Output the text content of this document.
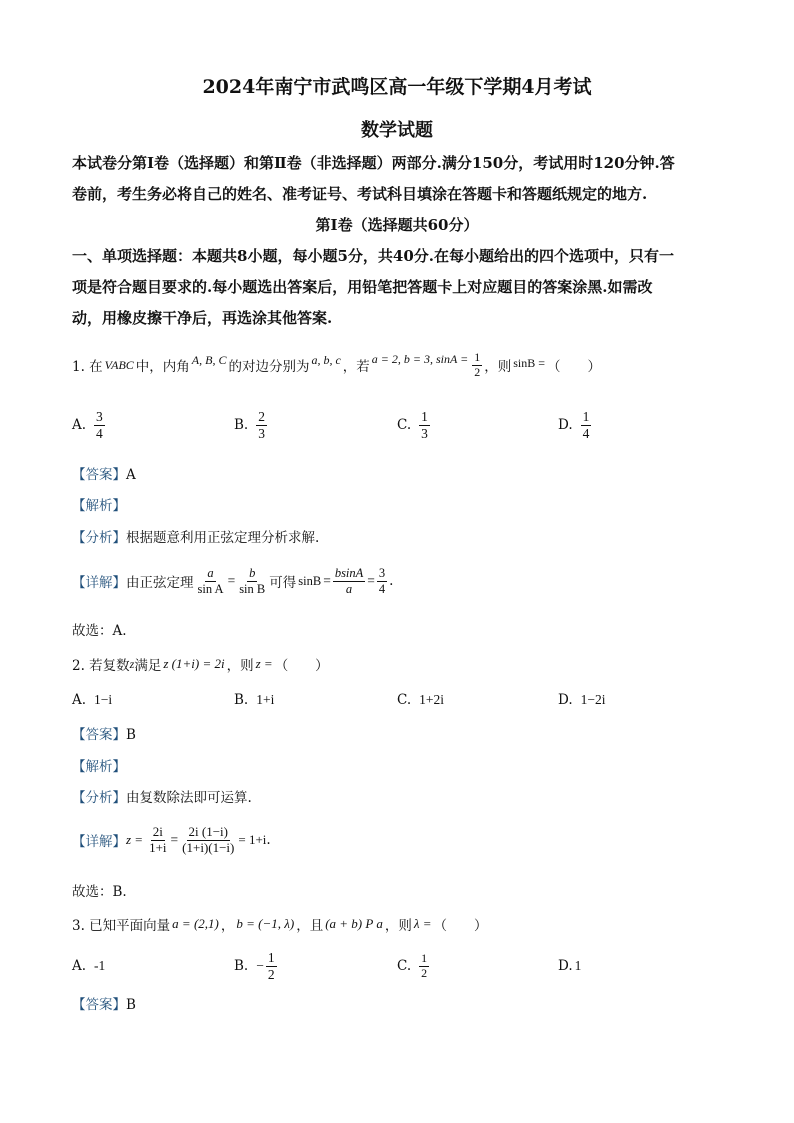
2024年南宁市武鸣区高一年级下学期4月考试
数学试题
本试卷分第Ⅰ卷（选择题）和第Ⅱ卷（非选择题）两部分.满分150分，考试用时120分钟.答
卷前，考生务必将自己的姓名、准考证号、考试科目填涂在答题卡和答题纸规定的地方.
第Ⅰ卷（选择题共60分）
一、单项选择题：本题共8小题，每小题5分，共40分.在每小题给出的四个选项中，只有一
项是符合题目要求的.每小题选出答案后，用铅笔把答题卡上对应题目的答案涂黑.如需改
动，用橡皮擦干净后，再选涂其他答案.
1. 在 VABC 中，内角 A, B, C 的对边分别为 a, b, c ，若
a = 2, b = 3, $\sin A = \frac{1}{2}$ ，则 sinB = （　　）
A. $\frac{3}{4}$	B. $\frac{2}{3}$	C. $\frac{1}{3}$	D. $\frac{1}{4}$
【答案】A
【解析】
【分析】根据题意利用正弦定理分析求解.
【详解】 由正弦定理 $\frac{a}{\text{sin A}} = \frac{b}{\text{sin B}}$ 可得 $\sin B = \frac{bsinA}{a} = \frac{3}{4}$ .
故选：A.
2. 若复数 z 满足 z (1+i) = 2i ，则 z = （　　）
A. 1−i	B. 1+i	C. 1+2i	D. 1−2i
【答案】B
【解析】
【分析】由复数除法即可运算.
【详解】 $z = \frac{2i}{1+i} = \frac{2i (1-i)}{(1+i)(1-i)} = 1+i$ .
故选：B.
3. 已知平面向量 a = (2,1) ， b = (−1, λ) ，且 (a + b) P a ，则 λ = （　　）
A. -1	B. − $\frac{1}{2}$	C. $\frac{1}{2}$	D. 1
【答案】B
